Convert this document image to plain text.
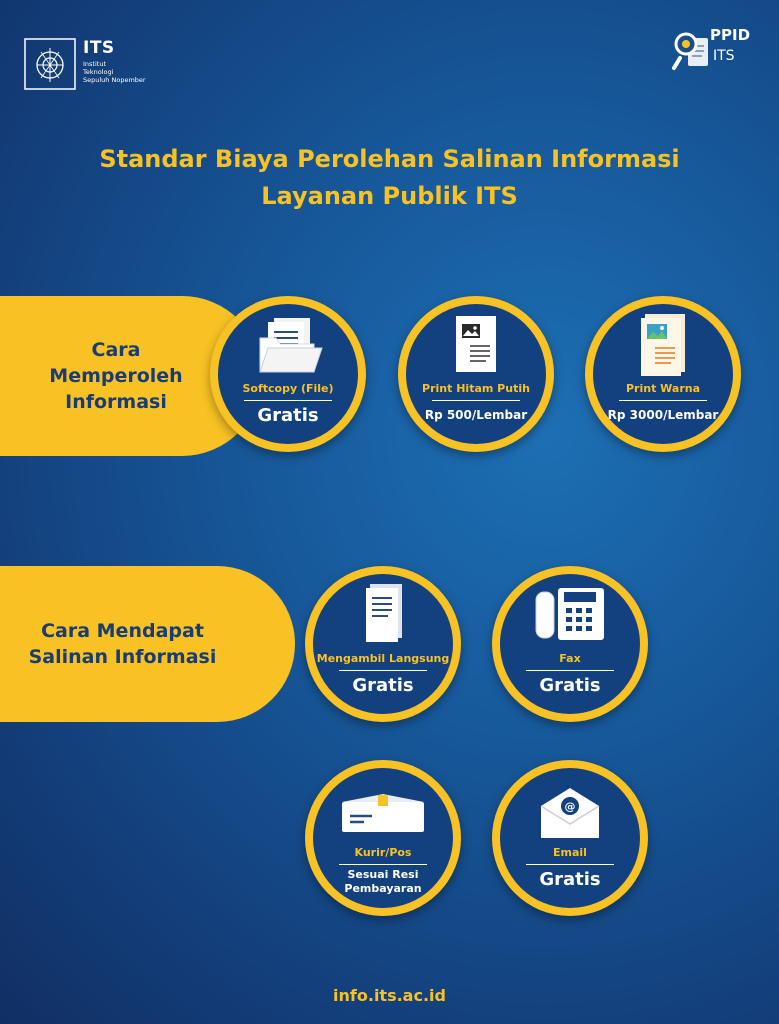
ITS
Institut
Teknologi
Sepuluh Nopember
PPID
ITS
Standar Biaya Perolehan Salinan Informasi
Layanan Publik ITS
Cara
Memperoleh
Informasi
Softcopy (File)
Gratis
Print Hitam Putih
Rp 500/Lembar
Print Warna
Rp 3000/Lembar
Cara Mendapat
Salinan Informasi	Mengambil Langsung
Gratis
Fax
Gratis
Kurir/Pos
Sesuai Resi
Pembayaran
@
Email
Gratis
info.its.ac.id
